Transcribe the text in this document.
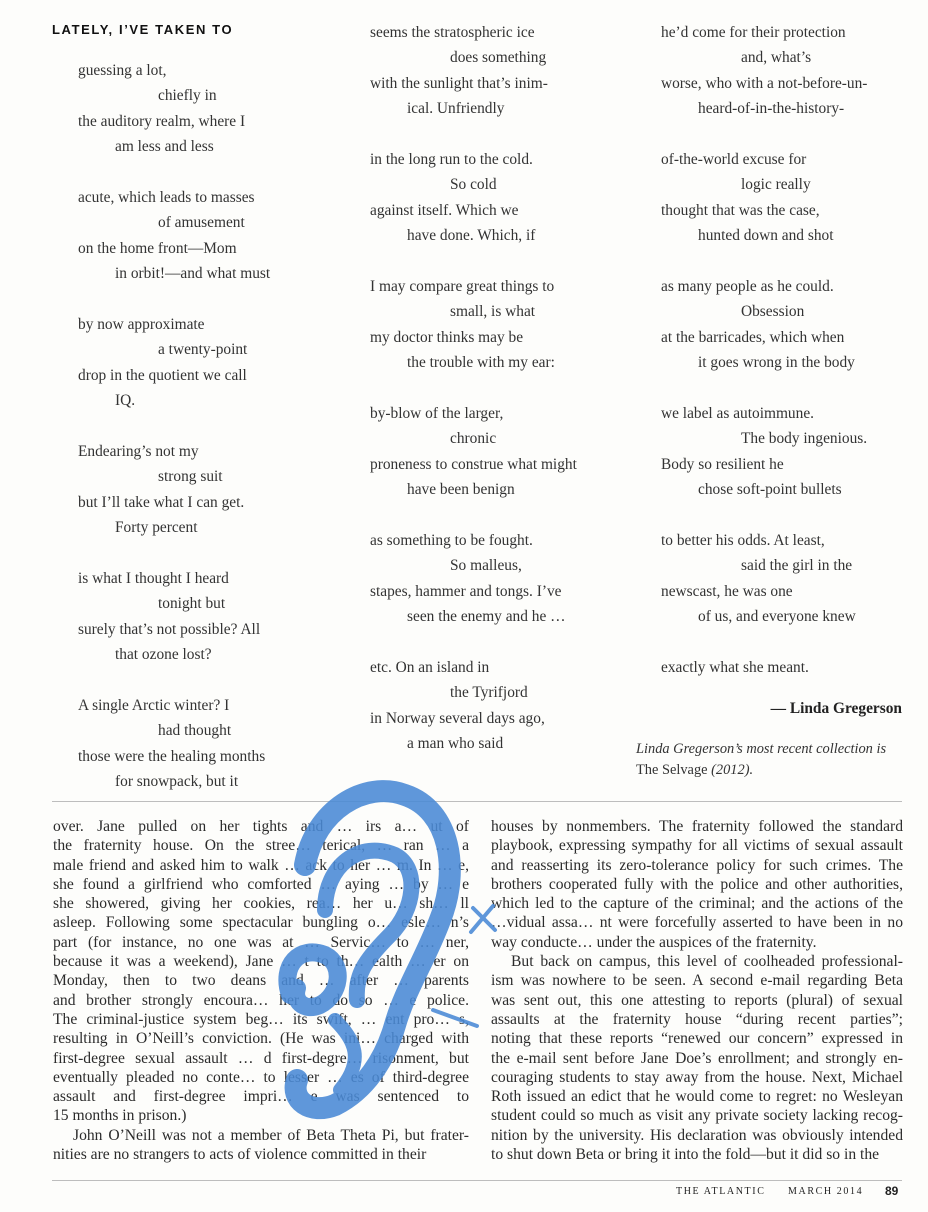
LATELY, I’VE TAKEN TO
guessing a lot,
chiefly in
the auditory realm, where I
am less and less
acute, which leads to masses
of amusement
on the home front—Mom
in orbit!—and what must
by now approximate
a twenty-point
drop in the quotient we call
IQ.
Endearing’s not my
strong suit
but I’ll take what I can get.
Forty percent
is what I thought I heard
tonight but
surely that’s not possible? All
that ozone lost?
A single Arctic winter? I
had thought
those were the healing months
for snowpack, but it
seems the stratospheric ice
does something
with the sunlight that’s inim-
ical. Unfriendly
in the long run to the cold.
So cold
against itself. Which we
have done. Which, if
I may compare great things to
small, is what
my doctor thinks may be
the trouble with my ear:
by-blow of the larger,
chronic
proneness to construe what might
have been benign
as something to be fought.
So malleus,
stapes, hammer and tongs. I’ve
seen the enemy and he …
etc. On an island in
the Tyrifjord
in Norway several days ago,
a man who said
he’d come for their protection
and, what’s
worse, who with a not-before-un-
heard-of-in-the-history-
of-the-world excuse for
logic really
thought that was the case,
hunted down and shot
as many people as he could.
Obsession
at the barricades, which when
it goes wrong in the body
we label as autoimmune.
The body ingenious.
Body so resilient he
chose soft-point bullets
to better his odds. At least,
said the girl in the
newscast, he was one
of us, and everyone knew
exactly what she meant.
— Linda Gregerson
Linda Gregerson’s most recent collection is The Selvage (2012).
over. Jane pulled on her tights and … irs a… ut of
the fraternity house. On the stree… terical, … ran … a
male friend and asked him to walk … ack to her … m. In … e,
she found a girlfriend who comforted … aying … by … e
she showered, giving her cookies, rea… her u… sh… ll
asleep. Following some spectacular bungling o… esle… n’s
part (for instance, no one was at … Servic… to … ner,
because it was a weekend), Jane … t to th… ealth … er on
Monday, then to two deans and … after … parents
and brother strongly encoura… her to do so … e police.
The criminal-justice system beg… its swift, … ent pro… s,
resulting in O’Neill’s conviction. (He was ini… charged with
first-degree sexual assault … d first-degre… risonment, but
eventually pleaded no conte… to lesser … es of third-degree
assault and first-degree impri… e was sentenced to
15 months in prison.)
John O’Neill was not a member of Beta Theta Pi, but frater-
nities are no strangers to acts of violence committed in their
houses by nonmembers. The fraternity followed the standard
playbook, expressing sympathy for all victims of sexual assault
and reasserting its zero-tolerance policy for such crimes. The
brothers cooperated fully with the police and other authorities,
which led to the capture of the criminal; and the actions of the
…vidual assa… nt were forcefully asserted to have been in no
way conducte… under the auspices of the fraternity.
But back on campus, this level of coolheaded professional-
ism was nowhere to be seen. A second e-mail regarding Beta
was sent out, this one attesting to reports (plural) of sexual
assaults at the fraternity house “during recent parties”;
noting that these reports “renewed our concern” expressed in
the e-mail sent before Jane Doe’s enrollment; and strongly en-
couraging students to stay away from the house. Next, Michael
Roth issued an edict that he would come to regret: no Wesleyan
student could so much as visit any private society lacking recog-
nition by the university. His declaration was obviously intended
to shut down Beta or bring it into the fold—but it did so in the
THE ATLANTIC MARCH 2014 89
